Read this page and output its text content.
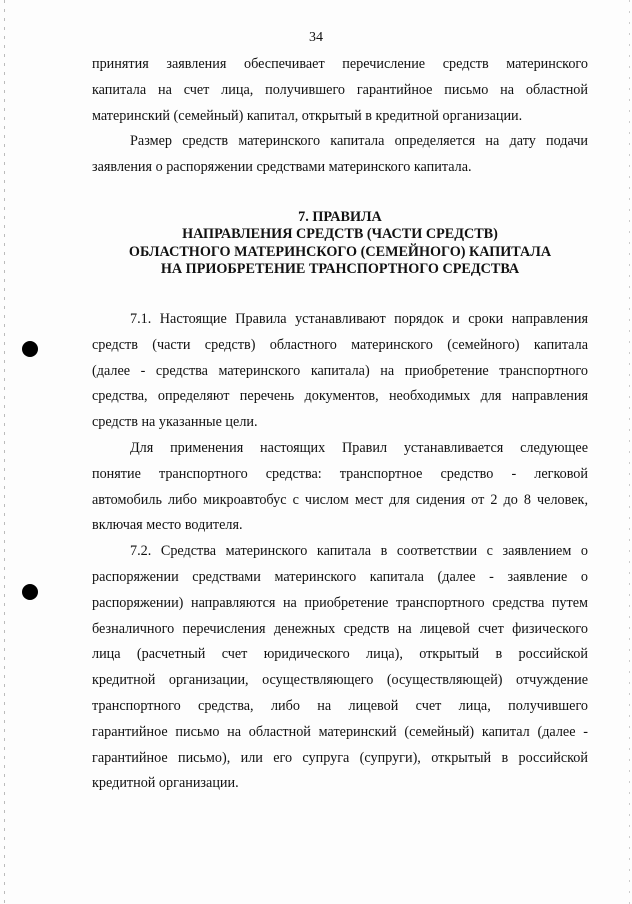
34
принятия заявления обеспечивает перечисление средств материнского
капитала на счет лица, получившего гарантийное письмо на областной
материнский (семейный) капитал, открытый в кредитной организации.
Размер средств материнского капитала определяется на дату подачи
заявления о распоряжении средствами материнского капитала.
7. ПРАВИЛА
НАПРАВЛЕНИЯ СРЕДСТВ (ЧАСТИ СРЕДСТВ)
ОБЛАСТНОГО МАТЕРИНСКОГО (СЕМЕЙНОГО) КАПИТАЛА
НА ПРИОБРЕТЕНИЕ ТРАНСПОРТНОГО СРЕДСТВА
7.1. Настоящие Правила устанавливают порядок и сроки направления
средств (части средств) областного материнского (семейного) капитала
(далее - средства материнского капитала) на приобретение транспортного
средства, определяют перечень документов, необходимых для направления
средств на указанные цели.
Для применения настоящих Правил устанавливается следующее
понятие транспортного средства: транспортное средство - легковой
автомобиль либо микроавтобус с числом мест для сидения от 2 до 8 человек,
включая место водителя.
7.2. Средства материнского капитала в соответствии с заявлением о
распоряжении средствами материнского капитала (далее - заявление о
распоряжении) направляются на приобретение транспортного средства путем
безналичного перечисления денежных средств на лицевой счет физического
лица (расчетный счет юридического лица), открытый в российской
кредитной организации, осуществляющего (осуществляющей) отчуждение
транспортного средства, либо на лицевой счет лица, получившего
гарантийное письмо на областной материнский (семейный) капитал (далее -
гарантийное письмо), или его супруга (супруги), открытый в российской
кредитной организации.
